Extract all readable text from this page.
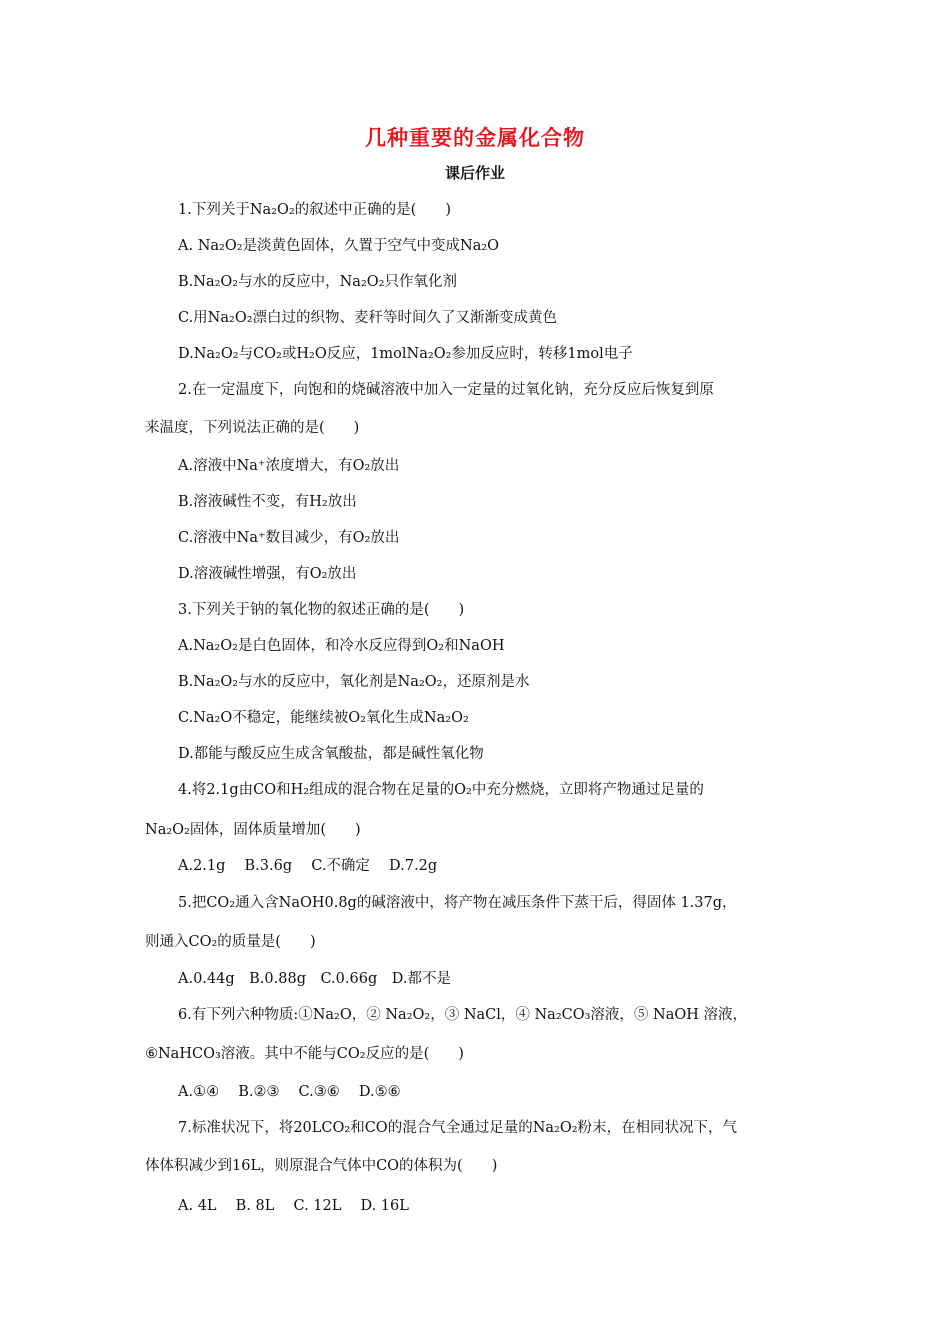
几种重要的金属化合物
课后作业
1.下列关于Na₂O₂的叙述中正确的是(　　)
A. Na₂O₂是淡黄色固体，久置于空气中变成Na₂O
B.Na₂O₂与水的反应中，Na₂O₂只作氧化剂
C.用Na₂O₂漂白过的织物、麦秆等时间久了又渐渐变成黄色
D.Na₂O₂与CO₂或H₂O反应，1molNa₂O₂参加反应时，转移1mol电子
2.在一定温度下，向饱和的烧碱溶液中加入一定量的过氧化钠，充分反应后恢复到原
来温度，下列说法正确的是(　　)
A.溶液中Na⁺浓度增大，有O₂放出
B.溶液碱性不变，有H₂放出
C.溶液中Na⁺数目减少，有O₂放出
D.溶液碱性增强，有O₂放出
3.下列关于钠的氧化物的叙述正确的是(　　)
A.Na₂O₂是白色固体，和冷水反应得到O₂和NaOH
B.Na₂O₂与水的反应中，氧化剂是Na₂O₂，还原剂是水
C.Na₂O不稳定，能继续被O₂氧化生成Na₂O₂
D.都能与酸反应生成含氧酸盐，都是碱性氧化物
4.将2.1g由CO和H₂组成的混合物在足量的O₂中充分燃烧，立即将产物通过足量的
Na₂O₂固体，固体质量增加(　　)
A.2.1g　 B.3.6g　 C.不确定　 D.7.2g
5.把CO₂通入含NaOH0.8g的碱溶液中，将产物在减压条件下蒸干后，得固体 1.37g，
则通入CO₂的质量是(　　)
A.0.44g　B.0.88g　C.0.66g　D.都不是
6.有下列六种物质:①Na₂O，② Na₂O₂，③ NaCl，④ Na₂CO₃溶液，⑤ NaOH 溶液，
⑥NaHCO₃溶液。其中不能与CO₂反应的是(　　)
A.①④　 B.②③　 C.③⑥　 D.⑤⑥
7.标准状况下，将20LCO₂和CO的混合气全通过足量的Na₂O₂粉末，在相同状况下，气
体体积减少到16L，则原混合气体中CO的体积为(　　)
A. 4L　 B. 8L　 C. 12L　 D. 16L
